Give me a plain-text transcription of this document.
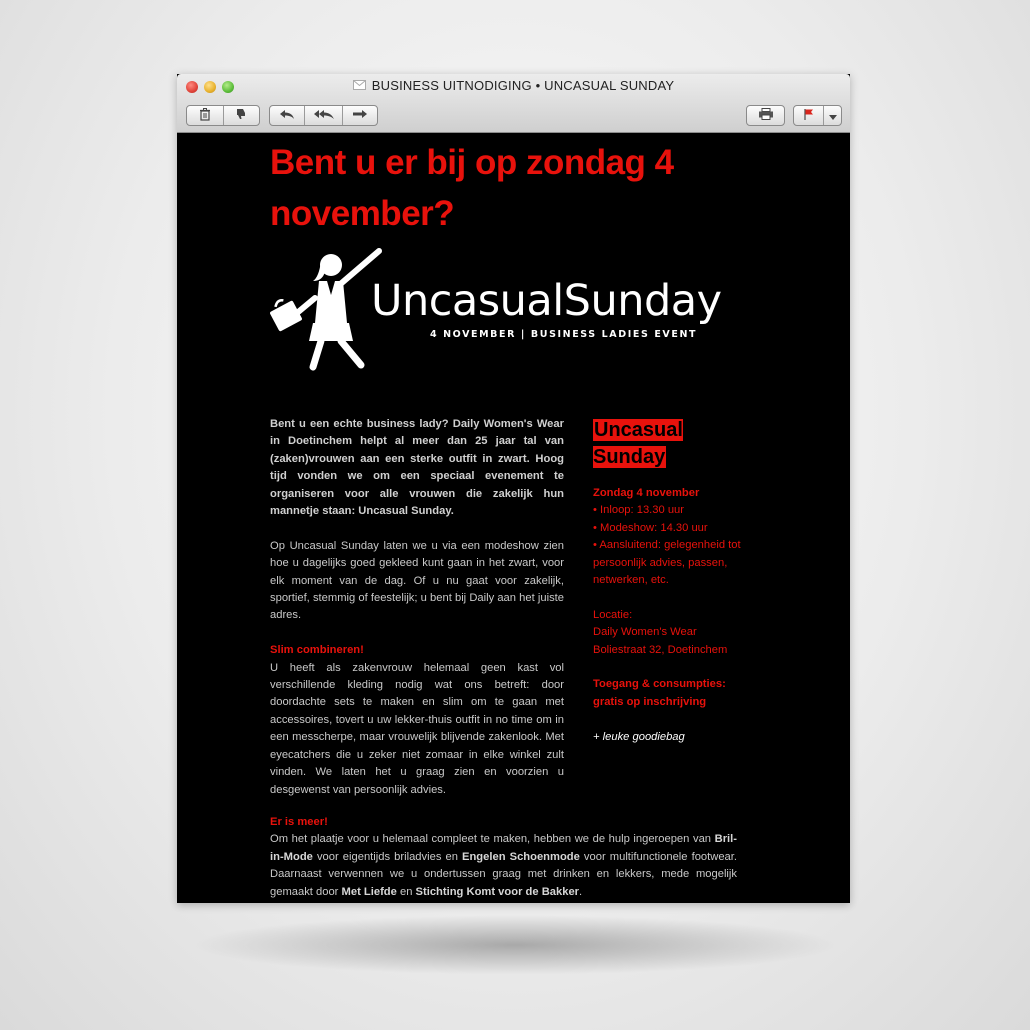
BUSINESS UITNODIGING • UNCASUAL SUNDAY
Bent u er bij op zondag 4 november?
UncasualSunday
4 NOVEMBER | BUSINESS LADIES EVENT

Bent u een echte business lady? Daily Women's Wear in Doetinchem helpt al meer dan 25 jaar tal van (zaken)vrouwen aan een sterke outfit in zwart. Hoog tijd vonden we om een speciaal evenement te organiseren voor alle vrouwen die zakelijk hun mannetje staan: Uncasual Sunday.

Op Uncasual Sunday laten we u via een modeshow zien hoe u dagelijks goed gekleed kunt gaan in het zwart, voor elk moment van de dag. Of u nu gaat voor zakelijk, sportief, stemmig of feestelijk; u bent bij Daily aan het juiste adres.

Slim combineren!
U heeft als zakenvrouw helemaal geen kast vol verschillende kleding nodig wat ons betreft: door doordachte sets te maken en slim om te gaan met accessoires, tovert u uw lekker-thuis outfit in no time om in een messcherpe, maar vrouwelijk blijvende zakenlook. Met eyecatchers die u zeker niet zomaar in elke winkel zult vinden. We laten het u graag zien en voorzien u desgewenst van persoonlijk advies.

Er is meer!
Om het plaatje voor u helemaal compleet te maken, hebben we de hulp ingeroepen van Bril-in-Mode voor eigentijds briladvies en Engelen Schoenmode voor multifunctionele footwear. Daarnaast verwennen we u ondertussen graag met drinken en lekkers, mede mogelijk gemaakt door Met Liefde en Stichting Komt voor de Bakker.
Uncasual Sunday
Zondag 4 november
• Inloop: 13.30 uur
• Modeshow: 14.30 uur
• Aansluitend: gelegenheid tot persoonlijk advies, passen, netwerken, etc.
Locatie:
Daily Women's Wear
Boliestraat 32, Doetinchem
Toegang & consumpties: gratis op inschrijving
+ leuke goodiebag
